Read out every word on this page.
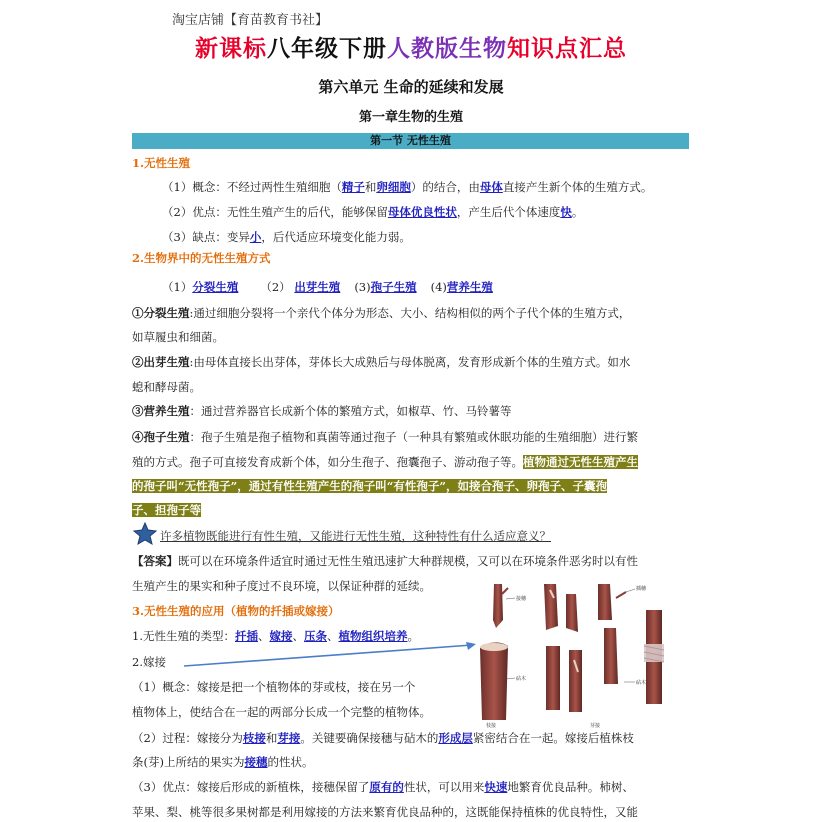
淘宝店铺【育苗教育书社】
新课标八年级下册人教版生物知识点汇总
第六单元 生命的延续和发展
第一章生物的生殖
第一节 无性生殖
1.无性生殖
（1）概念：不经过两性生殖细胞（精子和卵细胞）的结合，由母体直接产生新个体的生殖方式。
（2）优点：无性生殖产生的后代，能够保留母体优良性状，产生后代个体速度快。
（3）缺点：变异小，后代适应环境变化能力弱。
2.生物界中的无性生殖方式
（1）分裂生殖 （2） 出芽生殖 (3)孢子生殖 (4)营养生殖
①分裂生殖:通过细胞分裂将一个亲代个体分为形态、大小、结构相似的两个子代个体的生殖方式，
如草履虫和细菌。
②出芽生殖:由母体直接长出芽体，芽体长大成熟后与母体脱离，发育形成新个体的生殖方式。如水
螅和酵母菌。
③营养生殖：通过营养器官长成新个体的繁殖方式，如椒草、竹、马铃薯等
④孢子生殖：孢子生殖是孢子植物和真菌等通过孢子（一种具有繁殖或休眠功能的生殖细胞）进行繁
殖的方式。孢子可直接发育成新个体，如分生孢子、孢囊孢子、游动孢子等。植物通过无性生殖产生
的孢子叫“无性孢子”，通过有性生殖产生的孢子叫“有性孢子”，如接合孢子、卵孢子、子囊孢
子、担孢子等
许多植物既能进行有性生殖，又能进行无性生殖，这种特性有什么适应意义？
【答案】既可以在环境条件适宜时通过无性生殖迅速扩大种群规模，又可以在环境条件恶劣时以有性
生殖产生的果实和种子度过不良环境，以保证种群的延续。
3.无性生殖的应用（植物的扦插或嫁接）
1.无性生殖的类型：扦插、嫁接、压条、植物组织培养。
2.嫁接
（1）概念：嫁接是把一个植物体的芽或枝，接在另一个
植物体上，使结合在一起的两部分长成一个完整的植物体。
（2）过程：嫁接分为枝接和芽接。关键要确保接穗与砧木的形成层紧密结合在一起。嫁接后植株枝
条(芽)上所结的果实为接穗的性状。
（3）优点：嫁接后形成的新植株，接穗保留了原有的性状，可以用来快速地繁育优良品种。柿树、
苹果、梨、桃等很多果树都是利用嫁接的方法来繁育优良品种的，这既能保持植株的优良特性，又能
接穗
砧木
枝接
插穗
砧木
芽接
